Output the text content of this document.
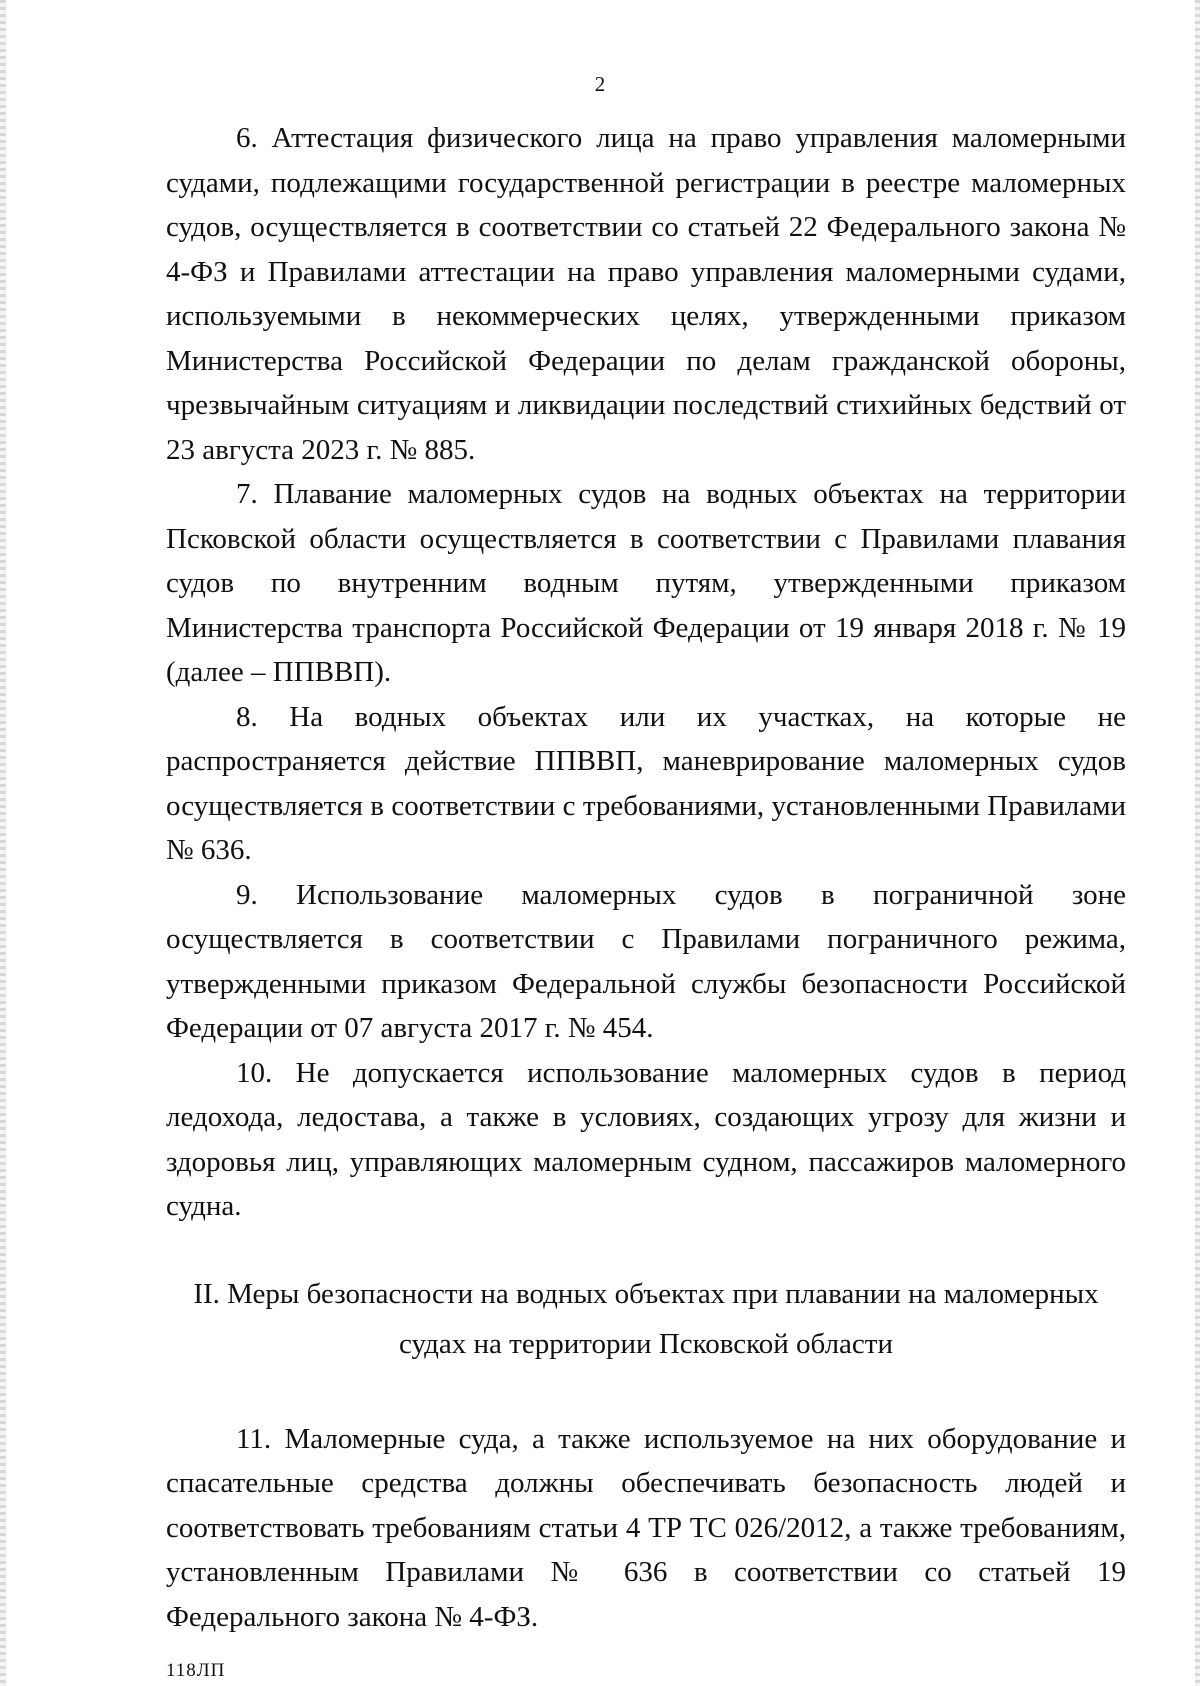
2

6. Аттестация физического лица на право управления маломерными судами, подлежащими государственной регистрации в реестре маломерных судов, осуществляется в соответствии со статьей 22 Федерального закона № 4-ФЗ и Правилами аттестации на право управления маломерными судами, используемыми в некоммерческих целях, утвержденными приказом Министерства Российской Федерации по делам гражданской обороны, чрезвычайным ситуациям и ликвидации последствий стихийных бедствий от 23 августа 2023 г. № 885.

7. Плавание маломерных судов на водных объектах на территории Псковской области осуществляется в соответствии с Правилами плавания судов по внутренним водным путям, утвержденными приказом Министерства транспорта Российской Федерации от 19 января 2018 г. № 19 (далее – ППВВП).

8. На водных объектах или их участках, на которые не распространяется действие ППВВП, маневрирование маломерных судов осуществляется в соответствии с требованиями, установленными Правилами № 636.

9. Использование маломерных судов в пограничной зоне осуществляется в соответствии с Правилами пограничного режима, утвержденными приказом Федеральной службы безопасности Российской Федерации от 07 августа 2017 г. № 454.

10. Не допускается использование маломерных судов в период ледохода, ледостава, а также в условиях, создающих угрозу для жизни и здоровья лиц, управляющих маломерным судном, пассажиров маломерного судна.

II. Меры безопасности на водных объектах при плавании на маломерных
судах на территории Псковской области

11. Маломерные суда, а также используемое на них оборудование и спасательные средства должны обеспечивать безопасность людей и соответствовать требованиям статьи 4 ТР ТС 026/2012, а также требованиям, установленным Правилами № 636 в соответствии со статьей 19 Федерального закона № 4-ФЗ.

118ЛП
